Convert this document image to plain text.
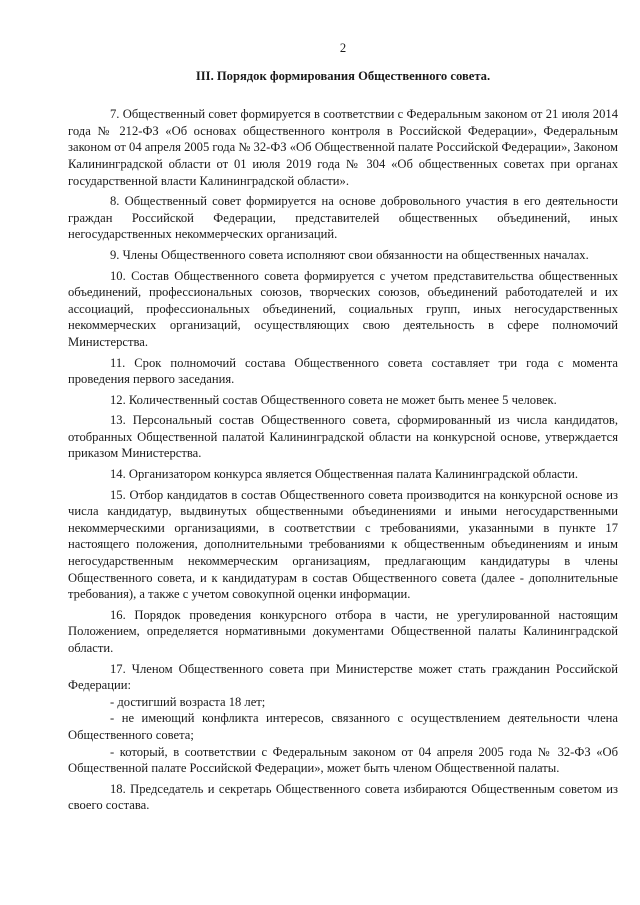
2

III. Порядок формирования Общественного совета.

7. Общественный совет формируется в соответствии с Федеральным законом от 21 июля 2014 года № 212-ФЗ «Об основах общественного контроля в Российской Федерации», Федеральным законом от 04 апреля 2005 года № 32-ФЗ «Об Общественной палате Российской Федерации», Законом Калининградской области от 01 июля 2019 года № 304 «Об общественных советах при органах государственной власти Калининградской области».

8. Общественный совет формируется на основе добровольного участия в его деятельности граждан Российской Федерации, представителей общественных объединений, иных негосударственных некоммерческих организаций.

9. Члены Общественного совета исполняют свои обязанности на общественных началах.

10. Состав Общественного совета формируется с учетом представительства общественных объединений, профессиональных союзов, творческих союзов, объединений работодателей и их ассоциаций, профессиональных объединений, социальных групп, иных негосударственных некоммерческих организаций, осуществляющих свою деятельность в сфере полномочий Министерства.

11. Срок полномочий состава Общественного совета составляет три года с момента проведения первого заседания.

12. Количественный состав Общественного совета не может быть менее 5 человек.

13. Персональный состав Общественного совета, сформированный из числа кандидатов, отобранных Общественной палатой Калининградской области на конкурсной основе, утверждается приказом Министерства.

14. Организатором конкурса является Общественная палата Калининградской области.

15. Отбор кандидатов в состав Общественного совета производится на конкурсной основе из числа кандидатур, выдвинутых общественными объединениями и иными негосударственными некоммерческими организациями, в соответствии с требованиями, указанными в пункте 17 настоящего положения, дополнительными требованиями к общественным объединениям и иным негосударственным некоммерческим организациям, предлагающим кандидатуры в члены Общественного совета, и к кандидатурам в состав Общественного совета (далее - дополнительные требования), а также с учетом совокупной оценки информации.

16. Порядок проведения конкурсного отбора в части, не урегулированной настоящим Положением, определяется нормативными документами Общественной палаты Калининградской области.

17. Членом Общественного совета при Министерстве может стать гражданин Российской Федерации:

- достигший возраста 18 лет;

- не имеющий конфликта интересов, связанного с осуществлением деятельности члена Общественного совета;

- который, в соответствии с Федеральным законом от 04 апреля 2005 года № 32-ФЗ «Об Общественной палате Российской Федерации», может быть членом Общественной палаты.

18. Председатель и секретарь Общественного совета избираются Общественным советом из своего состава.
